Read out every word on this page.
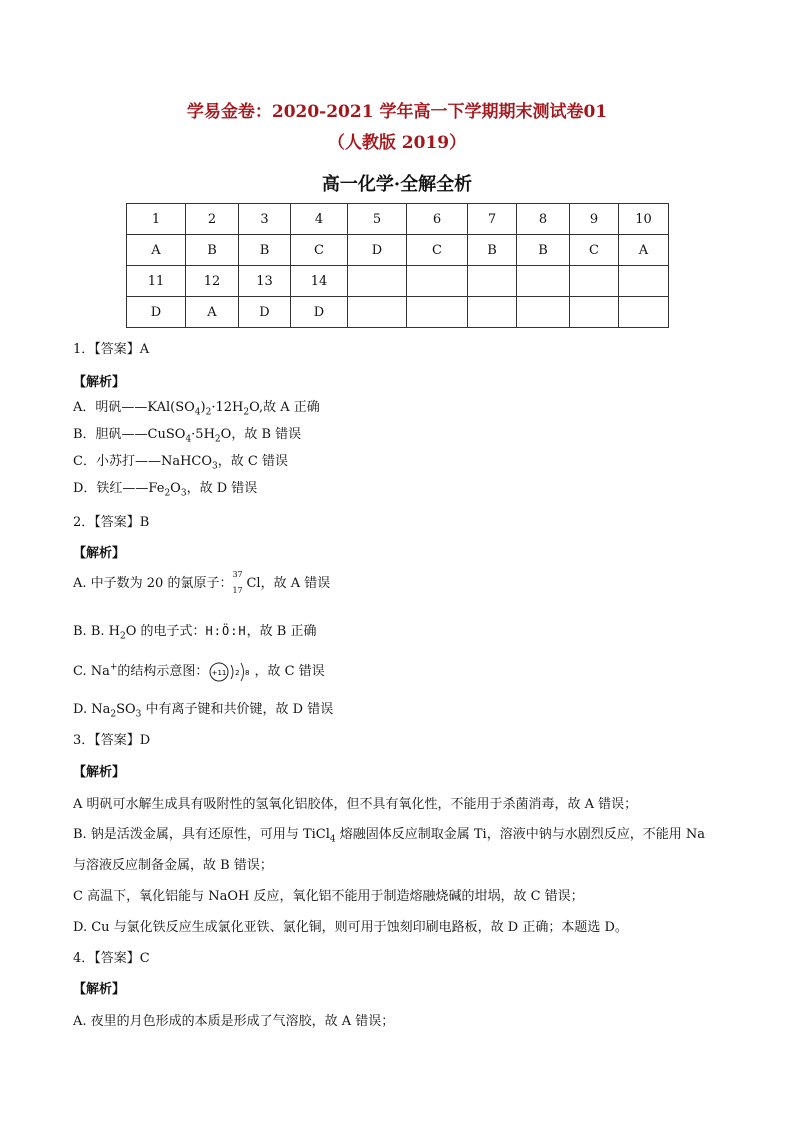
学易金卷：2020-2021 学年高一下学期期末测试卷01
（人教版 2019）
高一化学·全解全析
1	2	3	4	5	6	7	8	9	10
A	B	B	C	D	C	B	B	C	A
11	12	13	14						
D	A	D	D						
1．【答案】A
【解析】
A．明矾$——KAl(SO_4)_2\cdot 12H_2O$,故 A 正确
B．胆矾$——CuSO_4\cdot 5H_2O$，故 B 错误
C．小苏打——NaHCO$_3$，故 C 错误
D．铁红$——Fe_2O_3$，故 D 错误
2．【答案】B
【解析】
A. 中子数为 20 的氯原子：
37
17 Cl，故 A 错误
B. B. $H_2O$ 的电子式：H:Ö:H，故 B 正确
C. Na+的结构示意图： +11 2 8 ，故 C 错误
D. $Na_2SO_3$ 中有离子键和共价键，故 D 错误
3．【答案】D
【解析】
A 明矾可水解生成具有吸附性的氢氧化铝胶体，但不具有氧化性，不能用于杀菌消毒，故 A 错误；
B. 钠是活泼金属，具有还原性，可用与 TiCl$_4$ 熔融固体反应制取金属 Ti，溶液中钠与水剧烈反应，不能用 Na
与溶液反应制备金属，故 B 错误；
C 高温下，氧化铝能与 NaOH 反应，氧化铝不能用于制造熔融烧碱的坩埚，故 C 错误；
D. Cu 与氯化铁反应生成氯化亚铁、氯化铜，则可用于蚀刻印刷电路板，故 D 正确；本题选 D。
4．【答案】C
【解析】
A. 夜里的月色形成的本质是形成了气溶胶，故 A 错误；
